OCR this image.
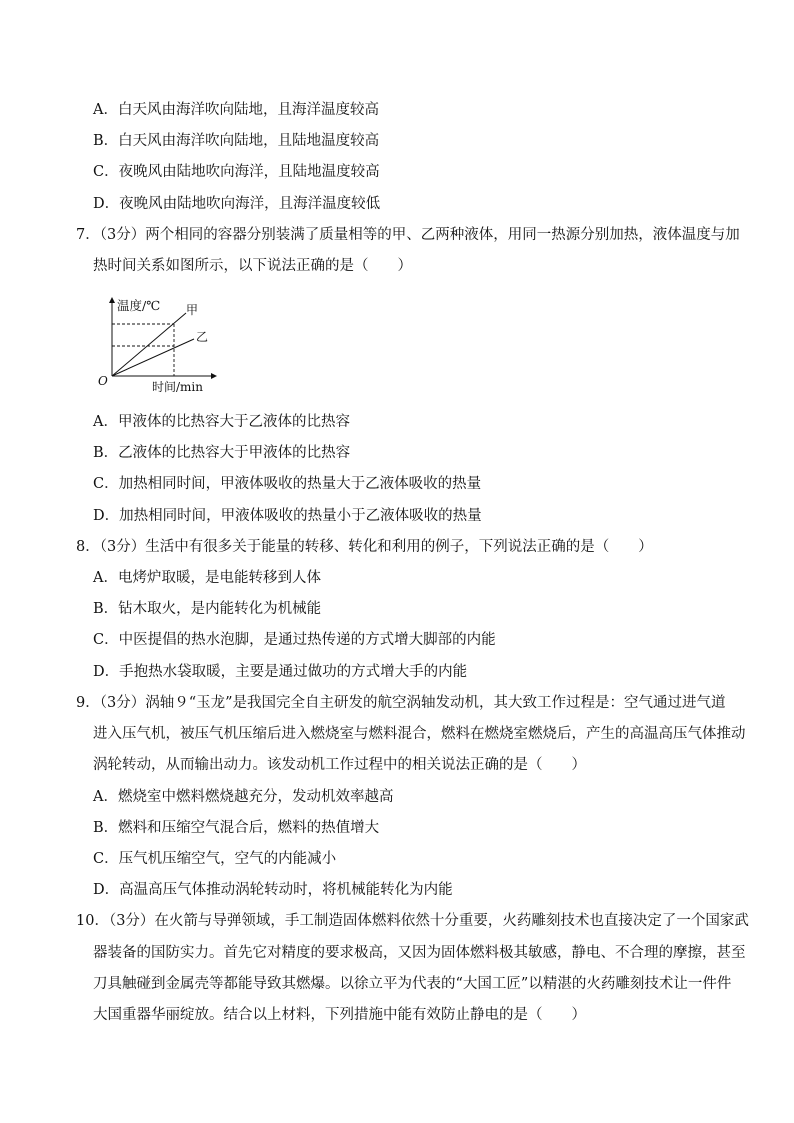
A．白天风由海洋吹向陆地，且海洋温度较高
B．白天风由海洋吹向陆地，且陆地温度较高
C．夜晚风由陆地吹向海洋，且陆地温度较高
D．夜晚风由陆地吹向海洋，且海洋温度较低
7．（3分）两个相同的容器分别装满了质量相等的甲、乙两种液体，用同一热源分别加热，液体温度与加
热时间关系如图所示，以下说法正确的是（　　）
温度/℃ 甲
乙
O	时间/min
A．甲液体的比热容大于乙液体的比热容
B．乙液体的比热容大于甲液体的比热容
C．加热相同时间，甲液体吸收的热量大于乙液体吸收的热量
D．加热相同时间，甲液体吸收的热量小于乙液体吸收的热量
8．（3分）生活中有很多关于能量的转移、转化和利用的例子，下列说法正确的是（　　）
A．电烤炉取暖，是电能转移到人体
B．钻木取火，是内能转化为机械能
C．中医提倡的热水泡脚，是通过热传递的方式增大脚部的内能
D．手抱热水袋取暖，主要是通过做功的方式增大手的内能
9．（3分）涡轴９“玉龙”是我国完全自主研发的航空涡轴发动机，其大致工作过程是：空气通过进气道
进入压气机，被压气机压缩后进入燃烧室与燃料混合，燃料在燃烧室燃烧后，产生的高温高压气体推动
涡轮转动，从而输出动力。该发动机工作过程中的相关说法正确的是（　　）
A．燃烧室中燃料燃烧越充分，发动机效率越高
B．燃料和压缩空气混合后，燃料的热值增大
C．压气机压缩空气，空气的内能减小
D．高温高压气体推动涡轮转动时，将机械能转化为内能
10．（3分）在火箭与导弹领域，手工制造固体燃料依然十分重要，火药雕刻技术也直接决定了一个国家武
器装备的国防实力。首先它对精度的要求极高，又因为固体燃料极其敏感，静电、不合理的摩擦，甚至
刀具触碰到金属壳等都能导致其燃爆。以徐立平为代表的“大国工匠”以精湛的火药雕刻技术让一件件
大国重器华丽绽放。结合以上材料，下列措施中能有效防止静电的是（　　）
